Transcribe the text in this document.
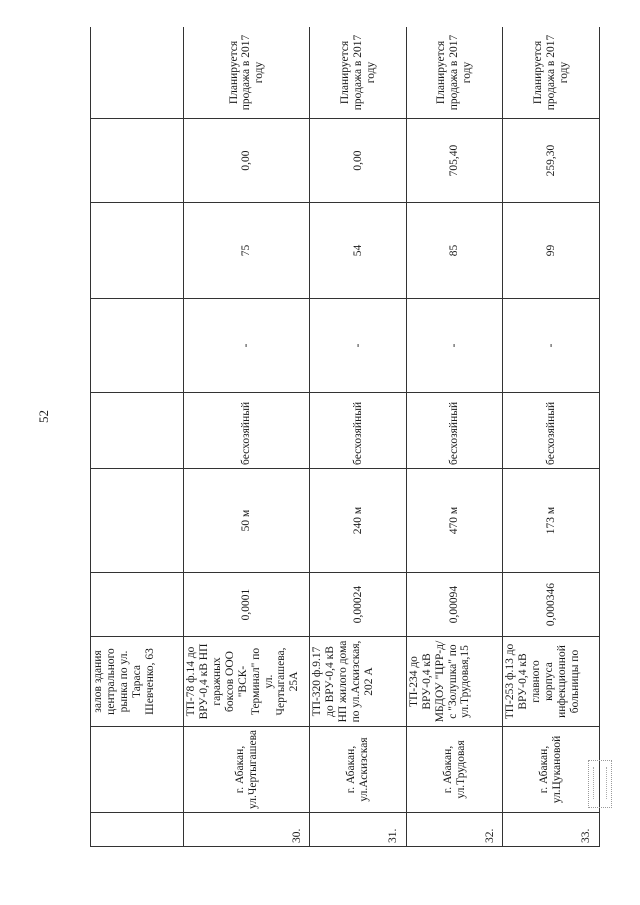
52
		залов здания центрального рынка по ул. Тараса Шевченко, 63							
30.	г. Абакан, ул.Чертыгашева	ТП-78 ф.14 до ВРУ-0,4 кВ НП гаражных боксов ООО "ВСК-Терминал" по ул. Чертыгашева, 25А	0,0001	50 м	бесхозяйный	-	75	0,00	Планируется продажа в 2017 году
31.	г. Абакан, ул.Аскизская	ТП-320 ф.9.17 до ВРУ-0,4 кВ НП жилого дома по ул.Аскизская, 202 А	0,00024	240 м	бесхозяйный	-	54	0,00	Планируется продажа в 2017 году
32.	г. Абакан, ул.Трудовая	ТП-234 до ВРУ-0,4 кВ МБДОУ "ЦРР-д/с "Золушка" по ул.Трудовая,15	0,00094	470 м	бесхозяйный	-	85	705,40	Планируется продажа в 2017 году
33.	г. Абакан, ул.Цукановой	ТП-253 ф.13 до ВРУ-0,4 кВ главного корпуса инфекционной больницы по	0,000346	173 м	бесхозяйный	-	99	259,30	Планируется продажа в 2017 году
